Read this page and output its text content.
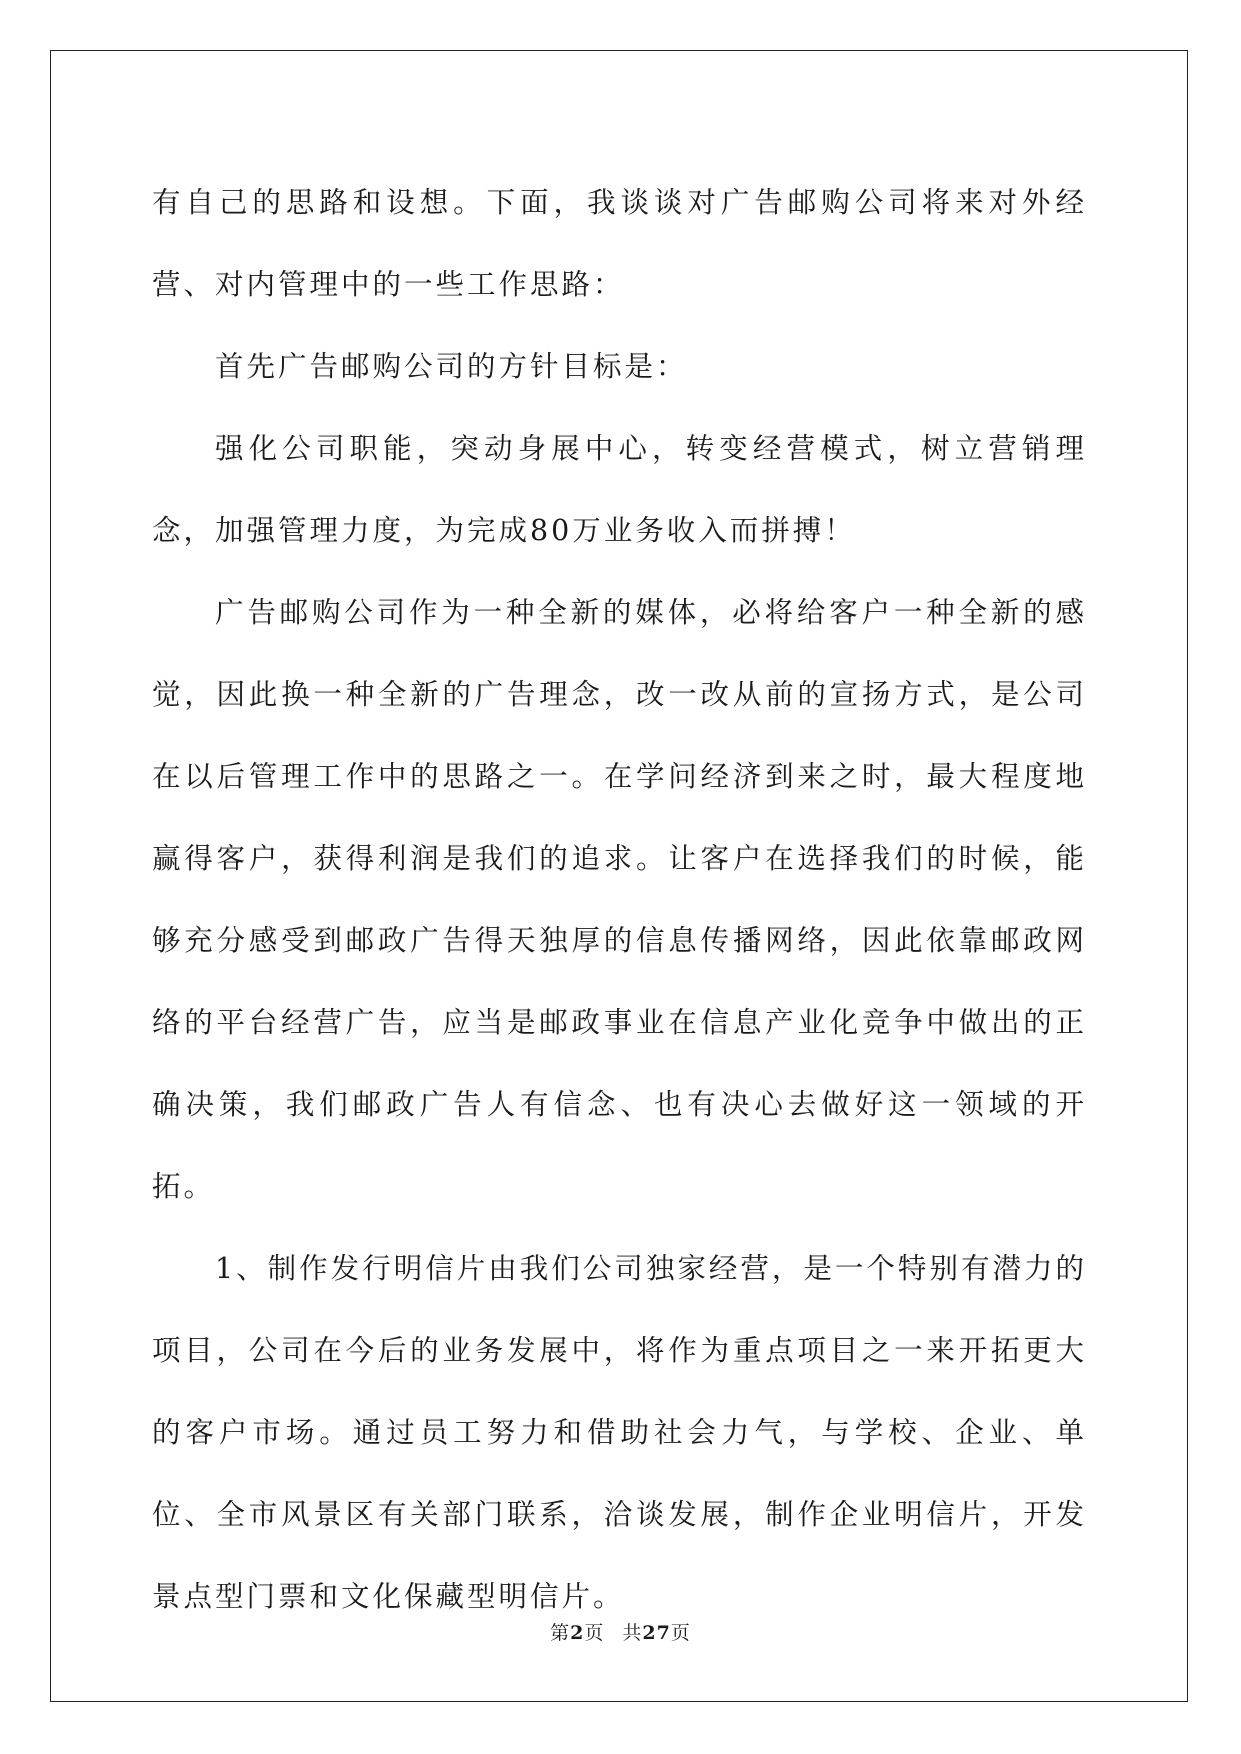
有自己的思路和设想。下面，我谈谈对广告邮购公司将来对外经营、对内管理中的一些工作思路：

首先广告邮购公司的方针目标是：

强化公司职能，突动身展中心，转变经营模式，树立营销理念，加强管理力度，为完成80万业务收入而拼搏！

广告邮购公司作为一种全新的媒体，必将给客户一种全新的感觉，因此换一种全新的广告理念，改一改从前的宣扬方式，是公司在以后管理工作中的思路之一。在学问经济到来之时，最大程度地赢得客户，获得利润是我们的追求。让客户在选择我们的时候，能够充分感受到邮政广告得天独厚的信息传播网络，因此依靠邮政网络的平台经营广告，应当是邮政事业在信息产业化竞争中做出的正确决策，我们邮政广告人有信念、也有决心去做好这一领域的开拓。

1、制作发行明信片由我们公司独家经营，是一个特别有潜力的项目，公司在今后的业务发展中，将作为重点项目之一来开拓更大的客户市场。通过员工努力和借助社会力气，与学校、企业、单位、全市风景区有关部门联系，洽谈发展，制作企业明信片，开发景点型门票和文化保藏型明信片。

第2页 共27页
